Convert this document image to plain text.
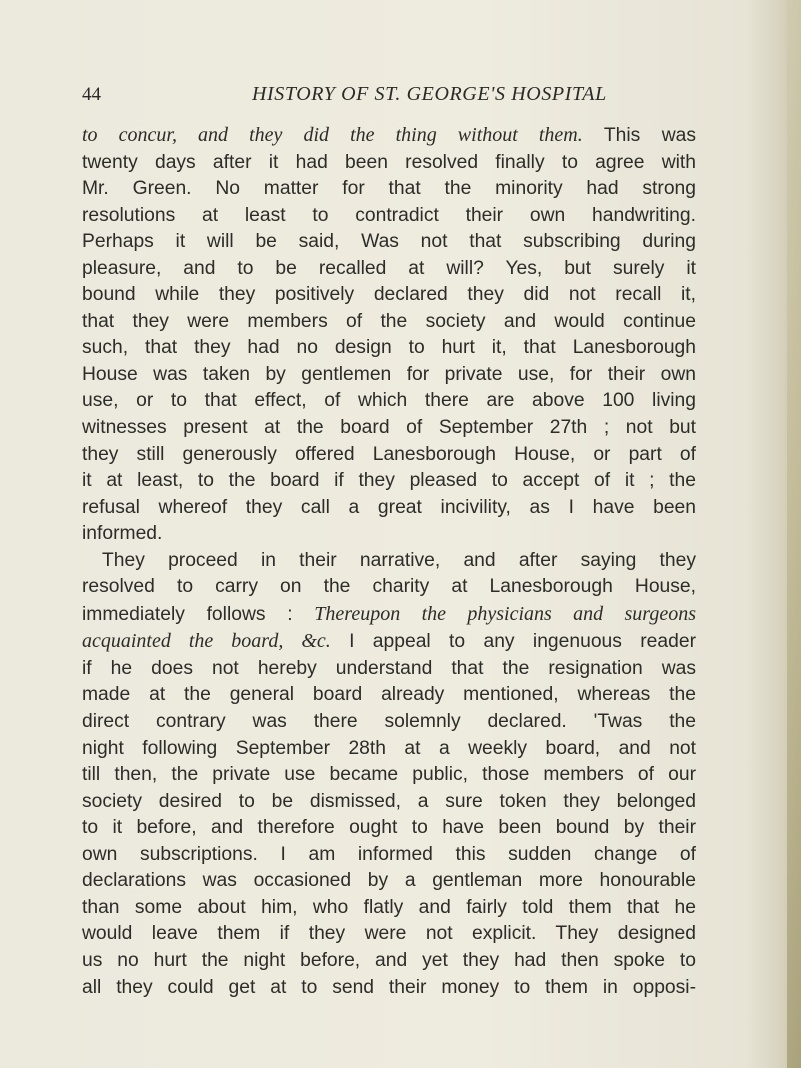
44	HISTORY OF ST. GEORGE'S HOSPITAL

to concur, and they did the thing without them. This was

twenty days after it had been resolved finally to agree with

Mr. Green. No matter for that the minority had strong

resolutions at least to contradict their own handwriting.

Perhaps it will be said, Was not that subscribing during

pleasure, and to be recalled at will? Yes, but surely it

bound while they positively declared they did not recall it,

that they were members of the society and would continue

such, that they had no design to hurt it, that Lanesborough

House was taken by gentlemen for private use, for their own

use, or to that effect, of which there are above 100 living

witnesses present at the board of September 27th ; not but

they still generously offered Lanesborough House, or part of

it at least, to the board if they pleased to accept of it ; the

refusal whereof they call a great incivility, as I have been

informed.

They proceed in their narrative, and after saying they

resolved to carry on the charity at Lanesborough House,

immediately follows : Thereupon the physicians and surgeons

acquainted the board, &c. I appeal to any ingenuous reader

if he does not hereby understand that the resignation was

made at the general board already mentioned, whereas the

direct contrary was there solemnly declared. 'Twas the

night following September 28th at a weekly board, and not

till then, the private use became public, those members of our

society desired to be dismissed, a sure token they belonged

to it before, and therefore ought to have been bound by their

own subscriptions. I am informed this sudden change of

declarations was occasioned by a gentleman more honourable

than some about him, who flatly and fairly told them that he

would leave them if they were not explicit. They designed

us no hurt the night before, and yet they had then spoke to

all they could get at to send their money to them in opposi-
